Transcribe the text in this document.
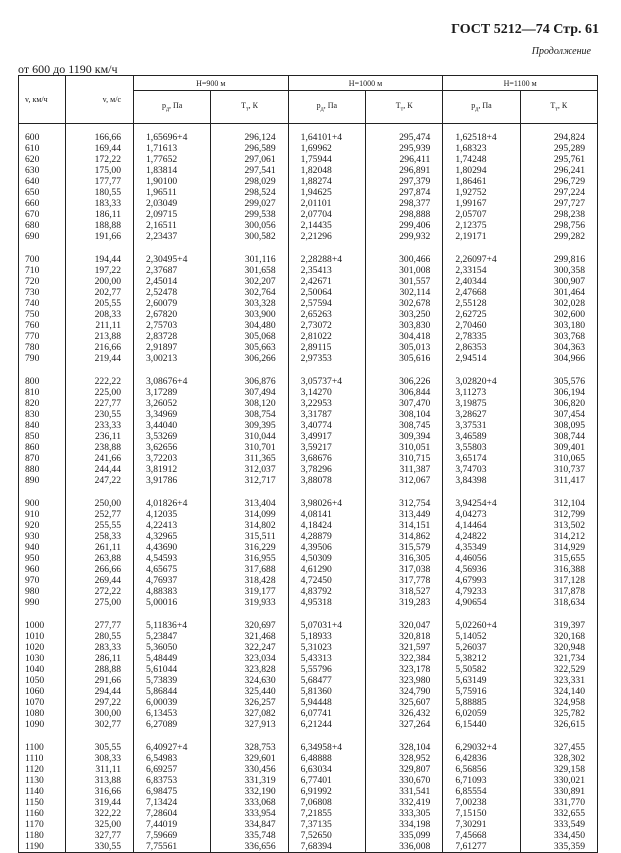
ГОСТ 5212—74 Стр. 61
Продолжение
от 600 до 1190 км/ч
v, км/ч	v, м/с	H=900 м		H=1000 м		H=1100 м	
		$p_д$, Па	$T_т$, К	$p_д$, Па	$T_т$, К	$p_д$, Па	$T_т$, К
600	166,66	1,65696+4	296,124	1,64101+4	295,474	1,62518+4	294,824
610	169,44	1,71613	296,589	1,69962	295,939	1,68323	295,289
620	172,22	1,77652	297,061	1,75944	296,411	1,74248	295,761
630	175,00	1,83814	297,541	1,82048	296,891	1,80294	296,241
640	177,77	1,90100	298,029	1,88274	297,379	1,86461	296,729
650	180,55	1,96511	298,524	1,94625	297,874	1,92752	297,224
660	183,33	2,03049	299,027	2,01101	298,377	1,99167	297,727
670	186,11	2,09715	299,538	2,07704	298,888	2,05707	298,238
680	188,88	2,16511	300,056	2,14435	299,406	2,12375	298,756
690	191,66	2,23437	300,582	2,21296	299,932	2,19171	299,282

700	194,44	2,30495+4	301,116	2,28288+4	300,466	2,26097+4	299,816
710	197,22	2,37687	301,658	2,35413	301,008	2,33154	300,358
720	200,00	2,45014	302,207	2,42671	301,557	2,40344	300,907
730	202,77	2,52478	302,764	2,50064	302,114	2,47668	301,464
740	205,55	2,60079	303,328	2,57594	302,678	2,55128	302,028
750	208,33	2,67820	303,900	2,65263	303,250	2,62725	302,600
760	211,11	2,75703	304,480	2,73072	303,830	2,70460	303,180
770	213,88	2,83728	305,068	2,81022	304,418	2,78335	303,768
780	216,66	2,91897	305,663	2,89115	305,013	2,86353	304,363
790	219,44	3,00213	306,266	2,97353	305,616	2,94514	304,966

800	222,22	3,08676+4	306,876	3,05737+4	306,226	3,02820+4	305,576
810	225,00	3,17289	307,494	3,14270	306,844	3,11273	306,194
820	227,77	3,26052	308,120	3,22953	307,470	3,19875	306,820
830	230,55	3,34969	308,754	3,31787	308,104	3,28627	307,454
840	233,33	3,44040	309,395	3,40774	308,745	3,37531	308,095
850	236,11	3,53269	310,044	3,49917	309,394	3,46589	308,744
860	238,88	3,62656	310,701	3,59217	310,051	3,55803	309,401
870	241,66	3,72203	311,365	3,68676	310,715	3,65174	310,065
880	244,44	3,81912	312,037	3,78296	311,387	3,74703	310,737
890	247,22	3,91786	312,717	3,88078	312,067	3,84398	311,417

900	250,00	4,01826+4	313,404	3,98026+4	312,754	3,94254+4	312,104
910	252,77	4,12035	314,099	4,08141	313,449	4,04273	312,799
920	255,55	4,22413	314,802	4,18424	314,151	4,14464	313,502
930	258,33	4,32965	315,511	4,28879	314,862	4,24822	314,212
940	261,11	4,43690	316,229	4,39506	315,579	4,35349	314,929
950	263,88	4,54593	316,955	4,50309	316,305	4,46056	315,655
960	266,66	4,65675	317,688	4,61290	317,038	4,56936	316,388
970	269,44	4,76937	318,428	4,72450	317,778	4,67993	317,128
980	272,22	4,88383	319,177	4,83792	318,527	4,79233	317,878
990	275,00	5,00016	319,933	4,95318	319,283	4,90654	318,634

1000	277,77	5,11836+4	320,697	5,07031+4	320,047	5,02260+4	319,397
1010	280,55	5,23847	321,468	5,18933	320,818	5,14052	320,168
1020	283,33	5,36050	322,247	5,31023	321,597	5,26037	320,948
1030	286,11	5,48449	323,034	5,43313	322,384	5,38212	321,734
1040	288,88	5,61044	323,828	5,55796	323,178	5,50582	322,529
1050	291,66	5,73839	324,630	5,68477	323,980	5,63149	323,331
1060	294,44	5,86844	325,440	5,81360	324,790	5,75916	324,140
1070	297,22	6,00039	326,257	5,94448	325,607	5,88885	324,958
1080	300,00	6,13453	327,082	6,07741	326,432	6,02059	325,782
1090	302,77	6,27089	327,913	6,21244	327,264	6,15440	326,615

1100	305,55	6,40927+4	328,753	6,34958+4	328,104	6,29032+4	327,455
1110	308,33	6,54983	329,601	6,48888	328,952	6,42836	328,302
1120	311,11	6,69257	330,456	6,63034	329,807	6,56856	329,158
1130	313,88	6,83753	331,319	6,77401	330,670	6,71093	330,021
1140	316,66	6,98475	332,190	6,91992	331,541	6,85554	330,891
1150	319,44	7,13424	333,068	7,06808	332,419	7,00238	331,770
1160	322,22	7,28604	333,954	7,21855	333,305	7,15150	332,655
1170	325,00	7,44019	334,847	7,37135	334,198	7,30291	333,549
1180	327,77	7,59669	335,748	7,52650	335,099	7,45668	334,450
1190	330,55	7,75561	336,656	7,68394	336,008	7,61277	335,359
